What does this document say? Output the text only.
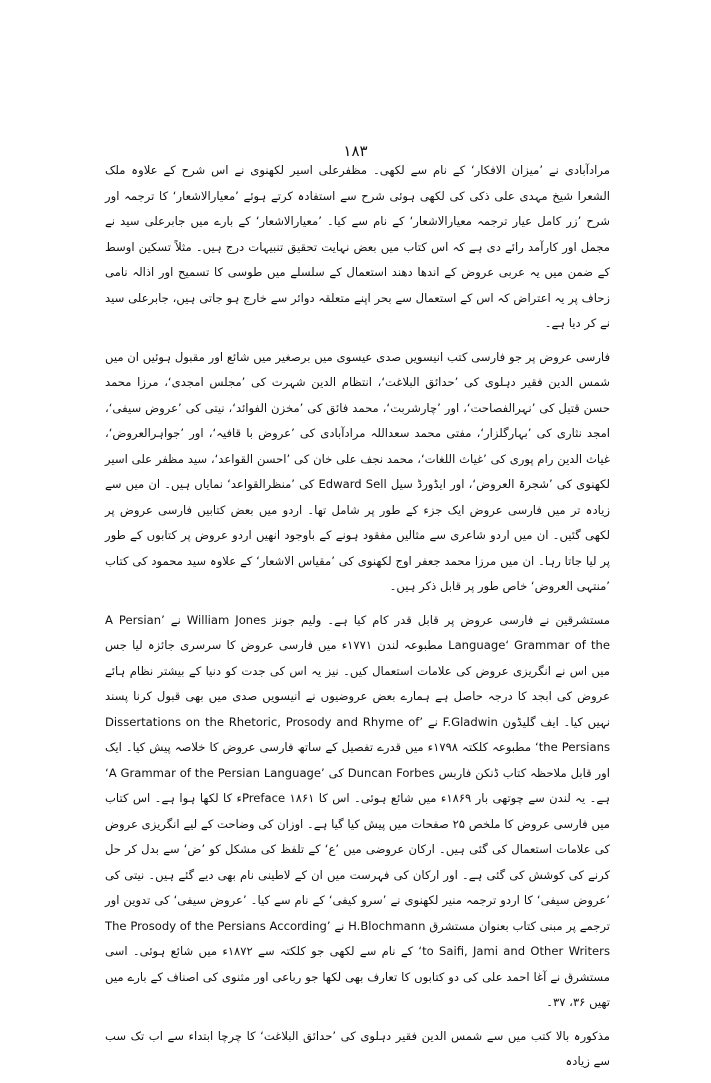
۱۸۳

مرادآبادی نے ’میزان الافکار‘ کے نام سے لکھی۔ مظفرعلی اسیر لکھنوی نے اس شرح کے علاوہ ملک الشعرا شیخ مہدی علی ذکی کی لکھی ہوئی شرح سے استفادہ کرتے ہوئے ’معیارالاشعار‘ کا ترجمہ اور شرح ’زر کامل عیار ترجمہ معیارالاشعار‘ کے نام سے کیا۔ ’معیارالاشعار‘ کے بارے میں جابرعلی سید نے مجمل اور کارآمد رائے دی ہے کہ اس کتاب میں بعض نہایت تحقیق تنبیہات درج ہیں۔ مثلاً تسکین اوسط کے ضمن میں یہ عربی عروض کے اندھا دھند استعمال کے سلسلے میں طوسی کا تسمیح اور اذالہ نامی زحاف پر یہ اعتراض کہ اس کے استعمال سے بحر اپنے متعلقہ دوائر سے خارج ہو جاتی ہیں، جابرعلی سید نے کر دیا ہے۔

فارسی عروض پر جو فارسی کتب انیسویں صدی عیسوی میں برصغیر میں شائع اور مقبول ہوئیں ان میں شمس الدین فقیر دہلوی کی ’حدائق البلاغت‘، انتظام الدین شہرت کی ’مجلس امجدی‘، مرزا محمد حسن قتیل کی ’نہرالفصاحت‘، اور ’چارشربت‘، محمد فائق کی ’مخزن الفوائد‘، نیتی کی ’عروض سیفی‘، امجد نثاری کی ’بہارگلزار‘، مفتی محمد سعداللہ مرادآبادی کی ’عروض با قافیہ‘، اور ’جواہرالعروض‘، غیاث الدین رام پوری کی ’غیاث اللغات‘، محمد نجف علی خان کی ’احسن القواعد‘، سید مظفر علی اسیر لکھنوی کی ’شجرۃ العروض‘، اور ایڈورڈ سیل Edward Sell کی ’منظرالقواعد‘ نمایاں ہیں۔ ان میں سے زیادہ تر میں فارسی عروض ایک جزء کے طور پر شامل تھا۔ اردو میں بعض کتابیں فارسی عروض پر لکھی گئیں۔ ان میں اردو شاعری سے مثالیں مفقود ہونے کے باوجود انھیں اردو عروض پر کتابوں کے طور پر لیا جاتا رہا۔ ان میں مرزا محمد جعفر اوج لکھنوی کی ’مقیاس الاشعار‘ کے علاوہ سید محمود کی کتاب ’منتہی العروض‘ خاص طور پر قابل ذکر ہیں۔

مستشرقین نے فارسی عروض پر قابل قدر کام کیا ہے۔ ولیم جونز William Jones نے ’A Persian Language‘ Grammar of the مطبوعہ لندن ۱۷۷۱ء میں فارسی عروض کا سرسری جائزہ لیا جس میں اس نے انگریزی عروض کی علامات استعمال کیں۔ نیز یہ اس کی جدت کو دنیا کے بیشتر نظام ہائے عروض کی ابجد کا درجہ حاصل ہے ہمارے بعض عروضیوں نے انیسویں صدی میں بھی قبول کرنا پسند نہیں کیا۔ ایف گلیڈون F.Gladwin نے ’Dissertations on the Rhetoric, Prosody and Rhyme of the Persians‘ مطبوعہ کلکتہ ۱۷۹۸ء میں قدرے تفصیل کے ساتھ فارسی عروض کا خلاصہ پیش کیا۔ ایک اور قابل ملاحظہ کتاب ڈنکن فاربس Duncan Forbes کی ’A Grammar of the Persian Language‘ ہے۔ یہ لندن سے چوتھی بار ۱۸۶۹ء میں شائع ہوئی۔ اس کا Preface ۱۸۶۱ء کا لکھا ہوا ہے۔ اس کتاب میں فارسی عروض کا ملخص ۲۵ صفحات میں پیش کیا گیا ہے۔ اوزان کی وضاحت کے لیے انگریزی عروض کی علامات استعمال کی گئی ہیں۔ ارکان عروضی میں ’ع‘ کے تلفظ کی مشکل کو ’ض‘ سے بدل کر حل کرنے کی کوشش کی گئی ہے۔ اور ارکان کی فہرست میں ان کے لاطینی نام بھی دیے گئے ہیں۔ نیتی کی ’عروض سیفی‘ کا اردو ترجمہ منیر لکھنوی نے ’سرو کیفی‘ کے نام سے کیا۔ ’عروض سیفی‘ کی تدوین اور ترجمے پر مبنی کتاب بعنوان مستشرق H.Blochmann نے ’The Prosody of the Persians According to Saifi, Jami and Other Writers‘ کے نام سے لکھی جو کلکتہ سے ۱۸۷۲ء میں شائع ہوئی۔ اسی مستشرق نے آغا احمد علی کی دو کتابوں کا تعارف بھی لکھا جو رباعی اور مثنوی کی اصناف کے بارے میں تھیں ۳۶، ۳۷۔

مذکورہ بالا کتب میں سے شمس الدین فقیر دہلوی کی ’حدائق البلاغت‘ کا چرچا ابتداء سے اب تک سب سے زیادہ
